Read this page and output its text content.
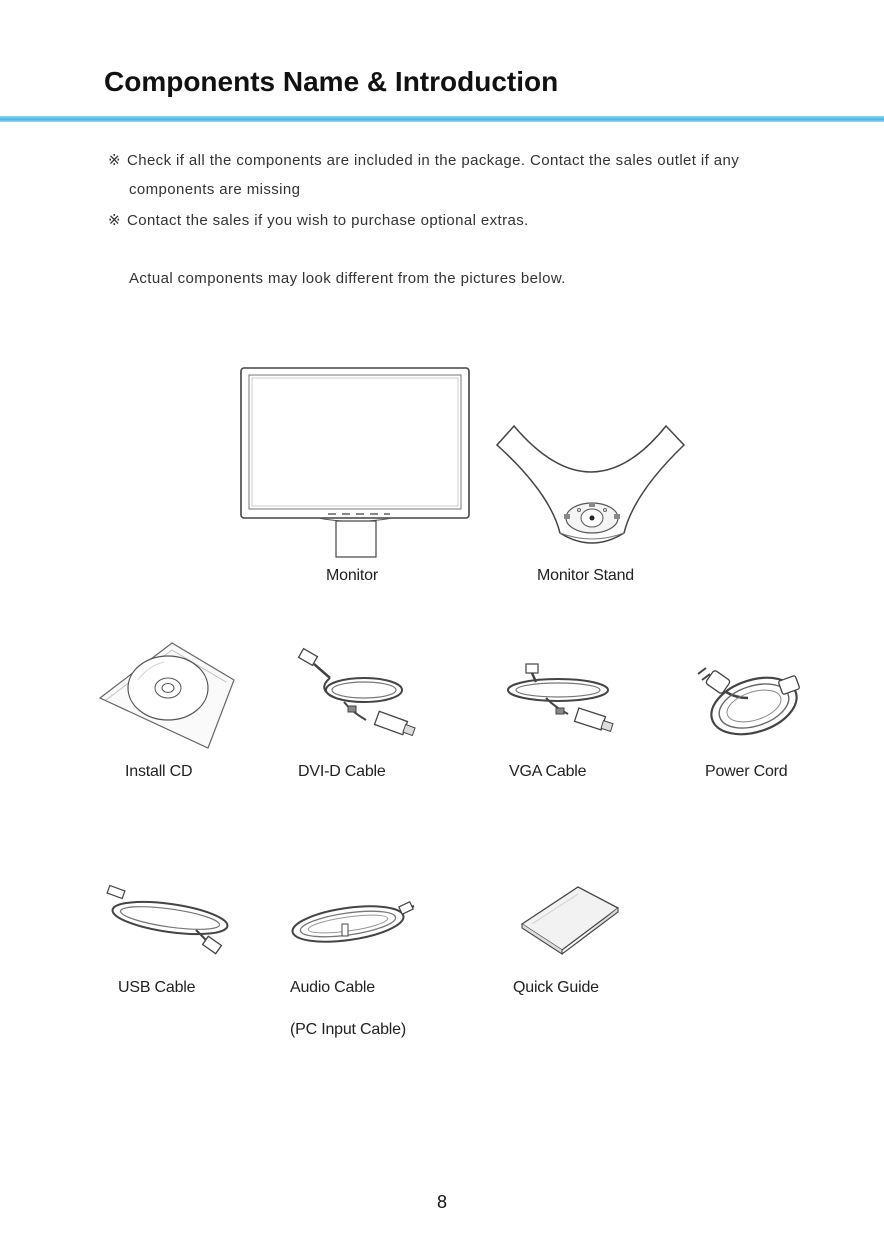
Components Name & Introduction
※ Check if all the components are included in the package. Contact the sales outlet if any
components are missing
※ Contact the sales if you wish to purchase optional extras.
Actual components may look different from the pictures below.
Monitor	Monitor Stand
Install CD	DVI-D Cable	VGA Cable	Power Cord
USB Cable	Audio Cable
(PC Input Cable)
Quick Guide
8
